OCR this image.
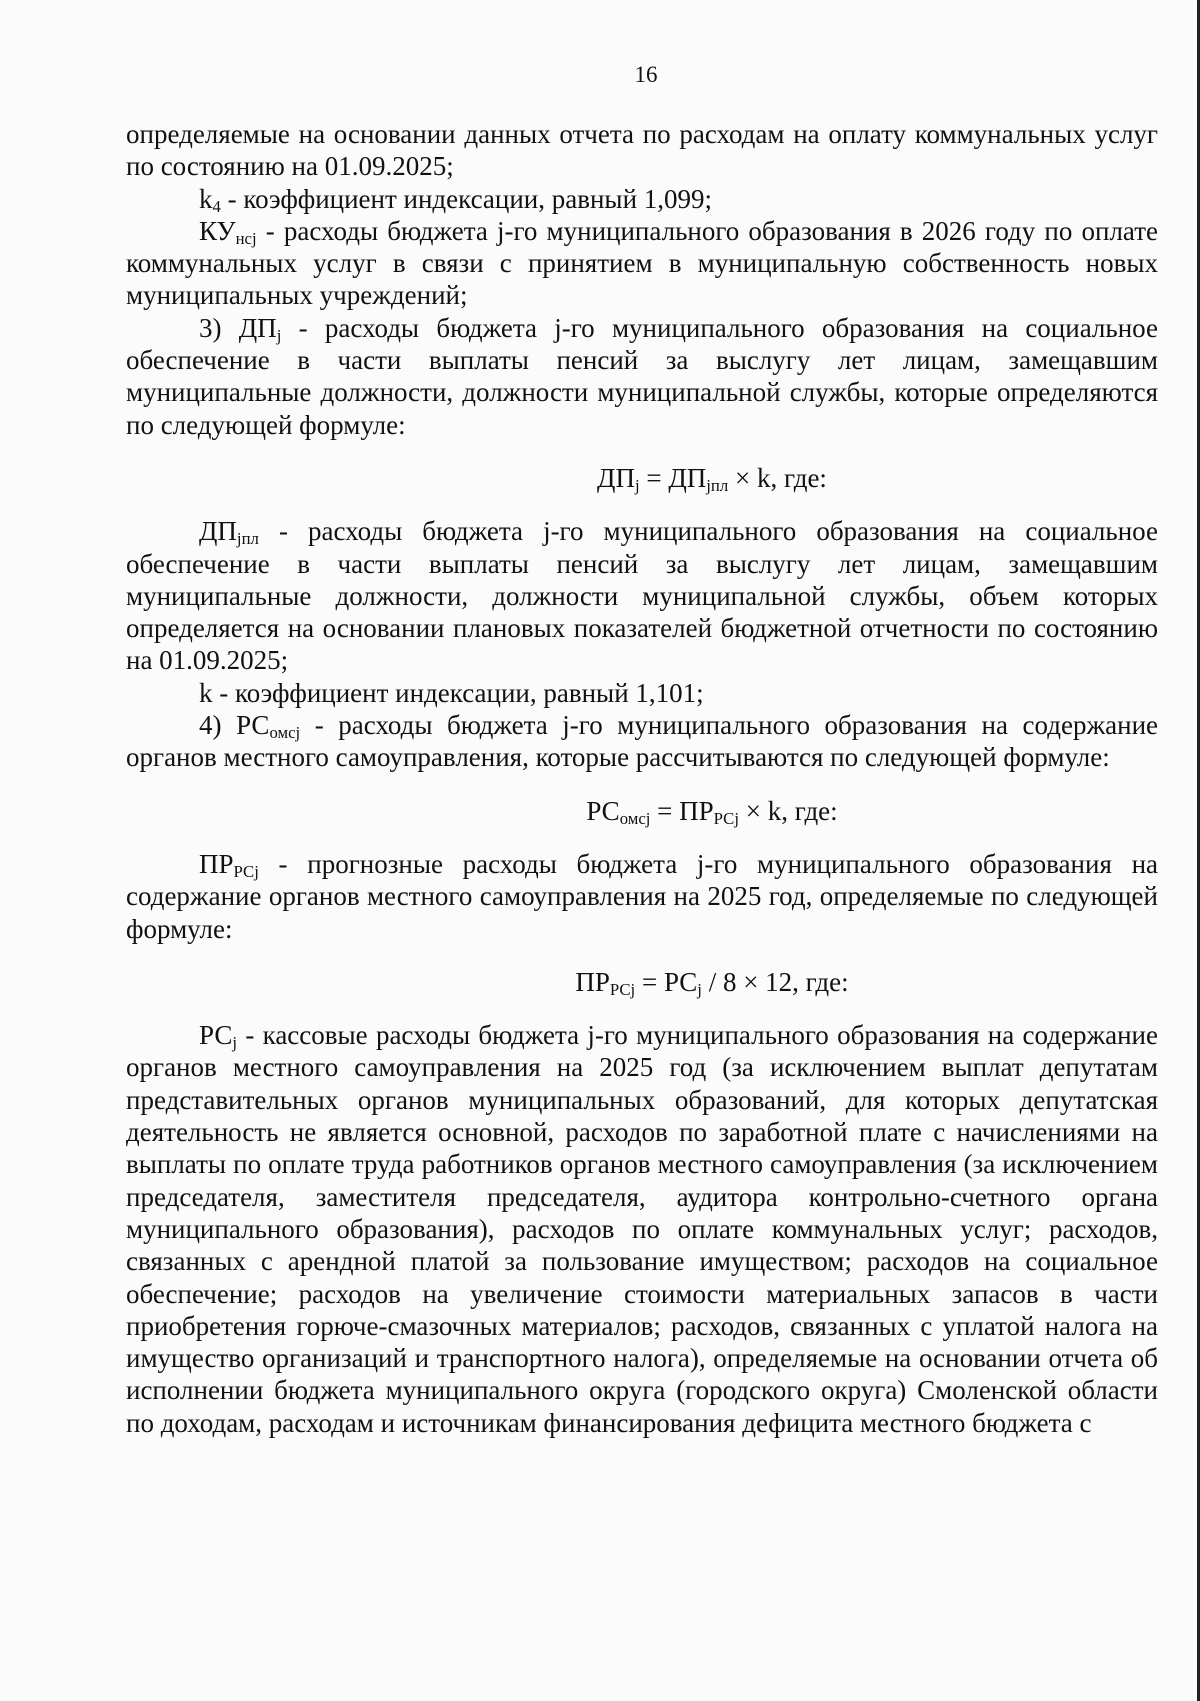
16

определяемые на основании данных отчета по расходам на оплату коммунальных услуг по состоянию на 01.09.2025;

$k_4$ - коэффициент индексации, равный 1,099;

$КУ_{нсj}$ - расходы бюджета j-го муниципального образования в 2026 году по оплате коммунальных услуг в связи с принятием в муниципальную собственность новых муниципальных учреждений;

3) $ДП_j$ - расходы бюджета j-го муниципального образования на социальное обеспечение в части выплаты пенсий за выслугу лет лицам, замещавшим муниципальные должности, должности муниципальной службы, которые определяются по следующей формуле:

$ДП_j = ДП_{jпл} \times k$, где:

$ДП_{jпл}$ - расходы бюджета j-го муниципального образования на социальное обеспечение в части выплаты пенсий за выслугу лет лицам, замещавшим муниципальные должности, должности муниципальной службы, объем которых определяется на основании плановых показателей бюджетной отчетности по состоянию на 01.09.2025;

k - коэффициент индексации, равный 1,101;

4) $РС_{омсj}$ - расходы бюджета j-го муниципального образования на содержание органов местного самоуправления, которые рассчитываются по следующей формуле:

$РС_{омсj} = ПР_{РСj} \times k$, где:

$ПР_{РСj}$ - прогнозные расходы бюджета j-го муниципального образования на содержание органов местного самоуправления на 2025 год, определяемые по следующей формуле:

$ПР_{РСj} = РС_j / 8 \times 12$, где:

$РС_j$ - кассовые расходы бюджета j-го муниципального образования на содержание органов местного самоуправления на 2025 год (за исключением выплат депутатам представительных органов муниципальных образований, для которых депутатская деятельность не является основной, расходов по заработной плате с начислениями на выплаты по оплате труда работников органов местного самоуправления (за исключением председателя, заместителя председателя, аудитора контрольно-счетного органа муниципального образования), расходов по оплате коммунальных услуг; расходов, связанных с арендной платой за пользование имуществом; расходов на социальное обеспечение; расходов на увеличение стоимости материальных запасов в части приобретения горюче-смазочных материалов; расходов, связанных с уплатой налога на имущество организаций и транспортного налога), определяемые на основании отчета об исполнении бюджета муниципального округа (городского округа) Смоленской области по доходам, расходам и источникам финансирования дефицита местного бюджета с
